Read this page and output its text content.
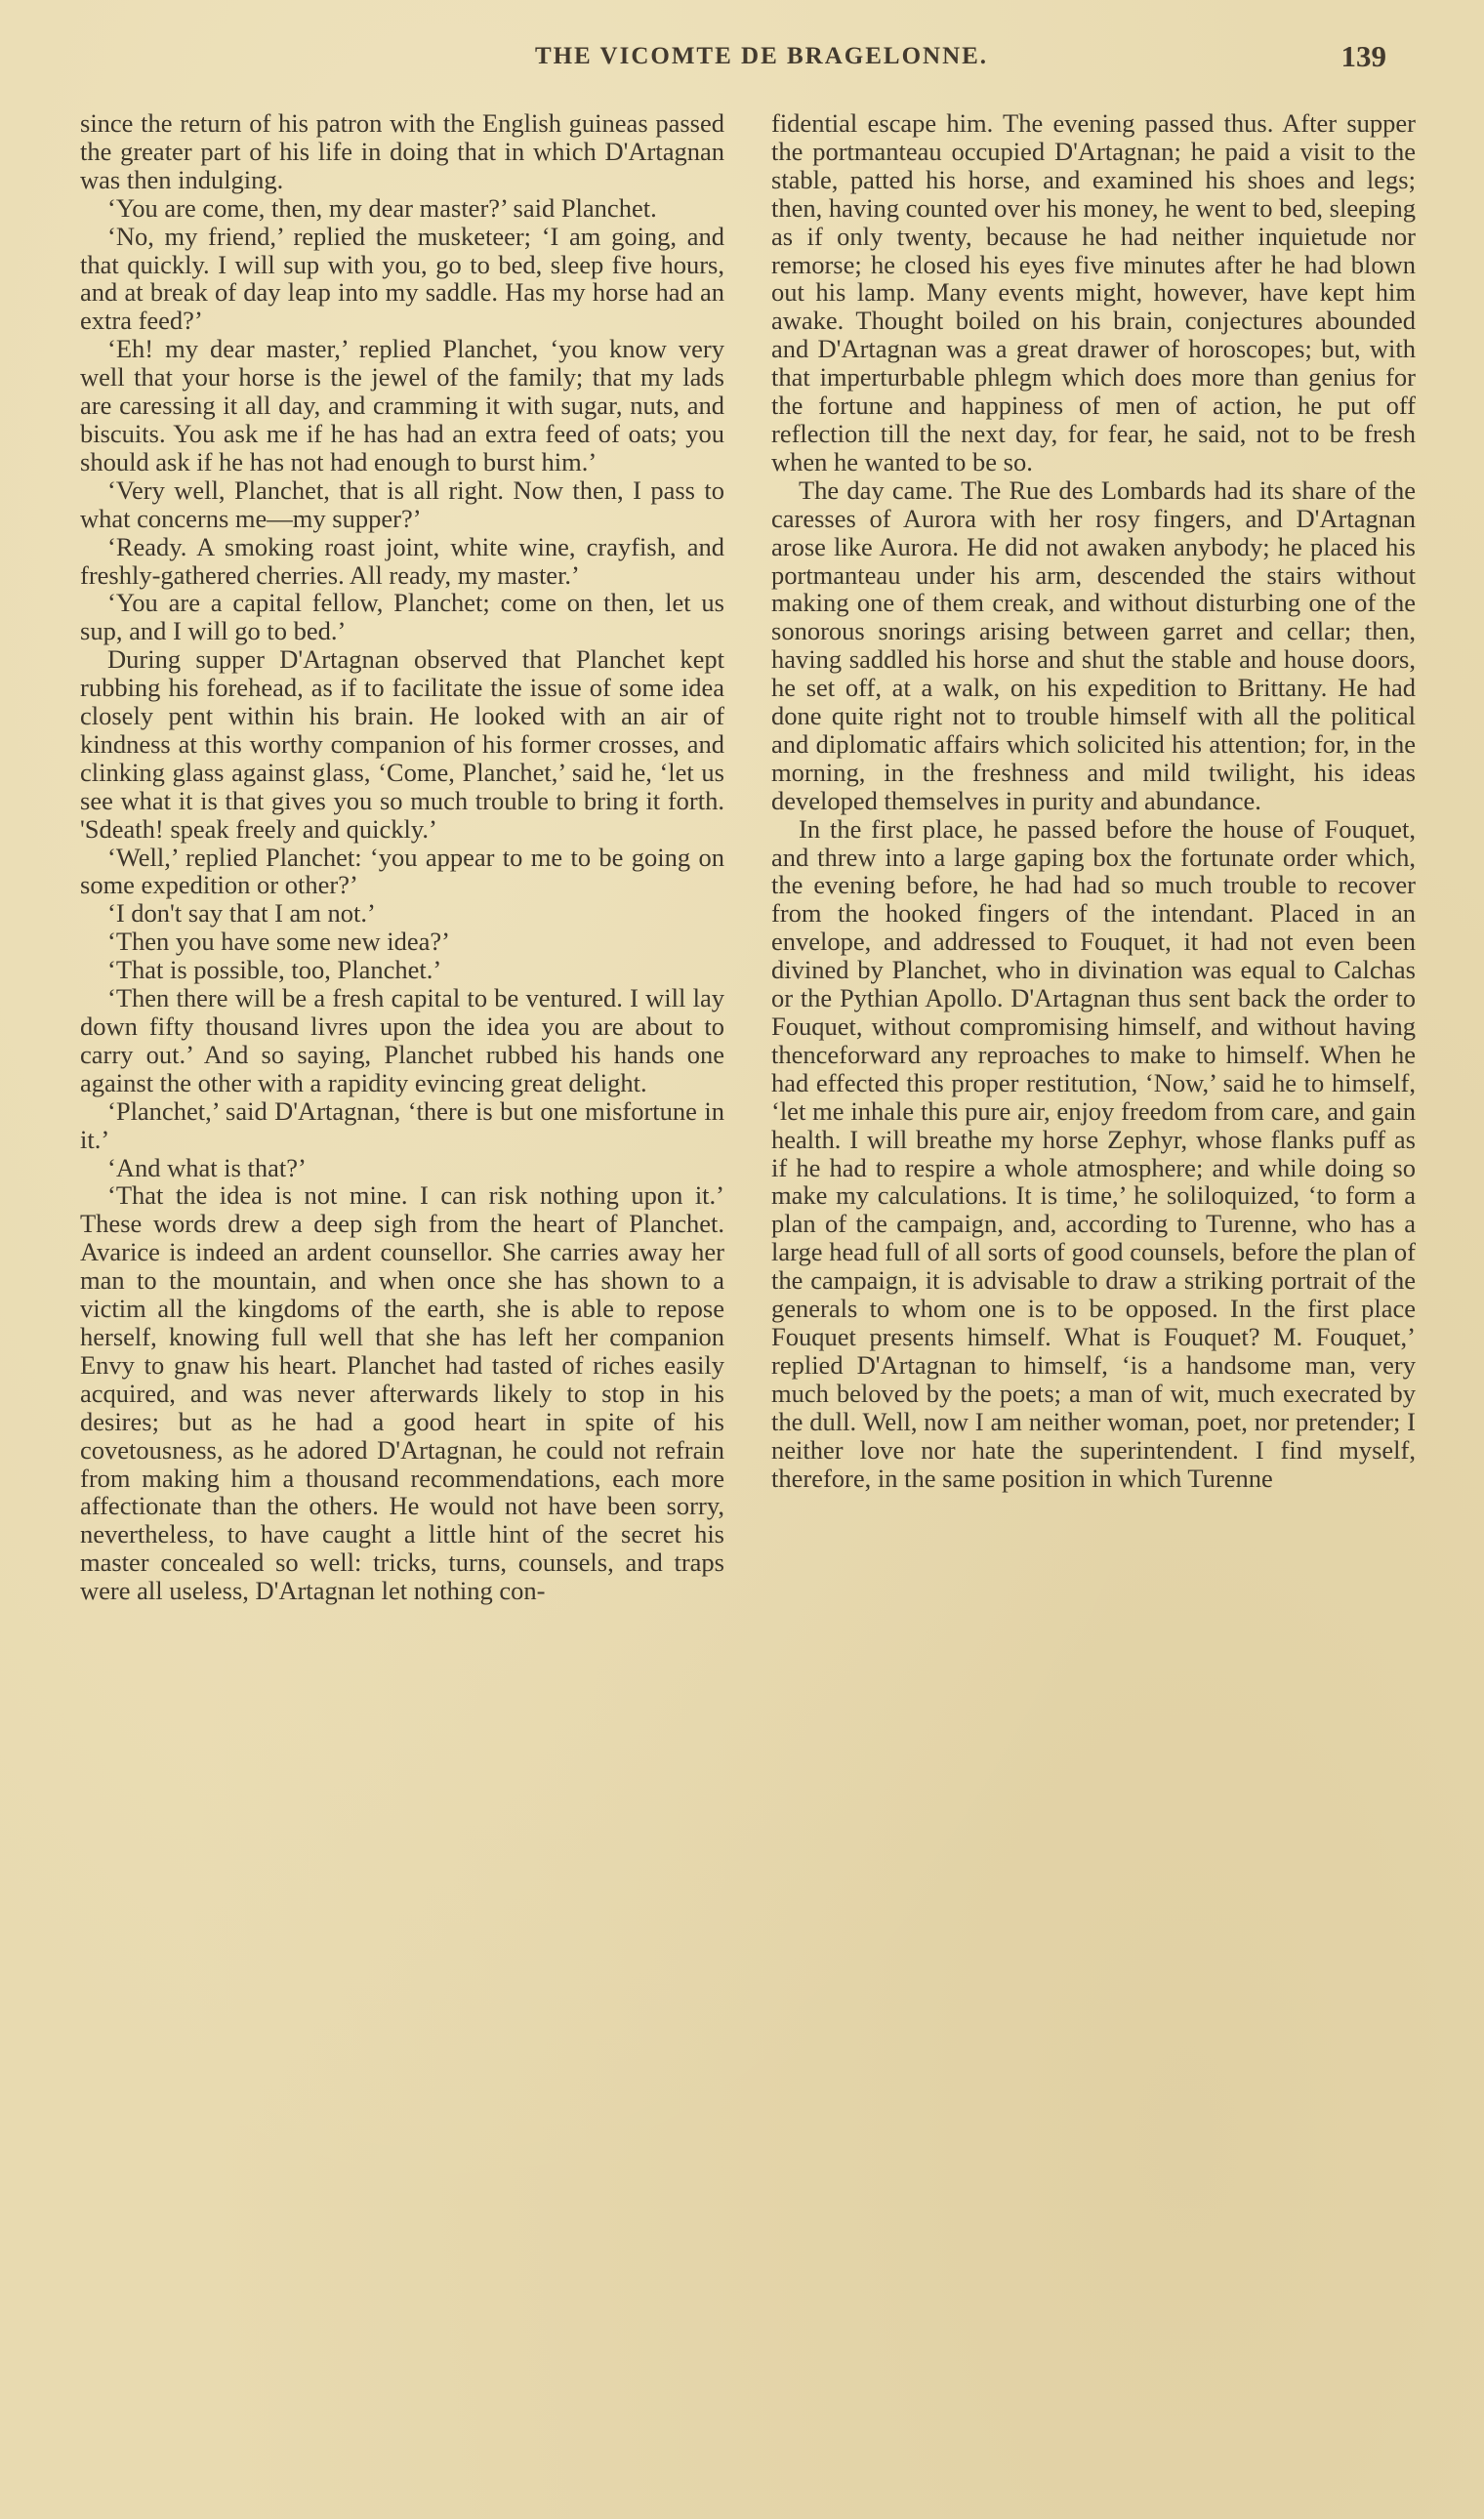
THE VICOMTE DE BRAGELONNE.	139

since the return of his patron with the English guineas passed the greater part of his life in doing that in which D'Artagnan was then indulging.

‘You are come, then, my dear master?’ said Planchet.

‘No, my friend,’ replied the musketeer; ‘I am going, and that quickly. I will sup with you, go to bed, sleep five hours, and at break of day leap into my saddle. Has my horse had an extra feed?’

‘Eh! my dear master,’ replied Planchet, ‘you know very well that your horse is the jewel of the family; that my lads are caressing it all day, and cramming it with sugar, nuts, and biscuits. You ask me if he has had an extra feed of oats; you should ask if he has not had enough to burst him.’

‘Very well, Planchet, that is all right. Now then, I pass to what concerns me—my supper?’

‘Ready. A smoking roast joint, white wine, crayfish, and freshly-gathered cherries. All ready, my master.’

‘You are a capital fellow, Planchet; come on then, let us sup, and I will go to bed.’

During supper D'Artagnan observed that Planchet kept rubbing his forehead, as if to facilitate the issue of some idea closely pent within his brain. He looked with an air of kindness at this worthy companion of his former crosses, and clinking glass against glass, ‘Come, Planchet,’ said he, ‘let us see what it is that gives you so much trouble to bring it forth. 'Sdeath! speak freely and quickly.’

‘Well,’ replied Planchet: ‘you appear to me to be going on some expedition or other?’

‘I don't say that I am not.’

‘Then you have some new idea?’

‘That is possible, too, Planchet.’

‘Then there will be a fresh capital to be ventured. I will lay down fifty thousand livres upon the idea you are about to carry out.’ And so saying, Planchet rubbed his hands one against the other with a rapidity evincing great delight.

‘Planchet,’ said D'Artagnan, ‘there is but one misfortune in it.’

‘And what is that?’

‘That the idea is not mine. I can risk nothing upon it.’ These words drew a deep sigh from the heart of Planchet. Avarice is indeed an ardent counsellor. She carries away her man to the mountain, and when once she has shown to a victim all the kingdoms of the earth, she is able to repose herself, knowing full well that she has left her companion Envy to gnaw his heart. Planchet had tasted of riches easily acquired, and was never afterwards likely to stop in his desires; but as he had a good heart in spite of his covetousness, as he adored D'Artagnan, he could not refrain from making him a thousand recommendations, each more affectionate than the others. He would not have been sorry, nevertheless, to have caught a little hint of the secret his master concealed so well: tricks, turns, counsels, and traps were all useless, D'Artagnan let nothing con-

fidential escape him. The evening passed thus. After supper the portmanteau occupied D'Artagnan; he paid a visit to the stable, patted his horse, and examined his shoes and legs; then, having counted over his money, he went to bed, sleeping as if only twenty, because he had neither inquietude nor remorse; he closed his eyes five minutes after he had blown out his lamp. Many events might, however, have kept him awake. Thought boiled on his brain, conjectures abounded and D'Artagnan was a great drawer of horoscopes; but, with that imperturbable phlegm which does more than genius for the fortune and happiness of men of action, he put off reflection till the next day, for fear, he said, not to be fresh when he wanted to be so.

The day came. The Rue des Lombards had its share of the caresses of Aurora with her rosy fingers, and D'Artagnan arose like Aurora. He did not awaken anybody; he placed his portmanteau under his arm, descended the stairs without making one of them creak, and without disturbing one of the sonorous snorings arising between garret and cellar; then, having saddled his horse and shut the stable and house doors, he set off, at a walk, on his expedition to Brittany. He had done quite right not to trouble himself with all the political and diplomatic affairs which solicited his attention; for, in the morning, in the freshness and mild twilight, his ideas developed themselves in purity and abundance.

In the first place, he passed before the house of Fouquet, and threw into a large gaping box the fortunate order which, the evening before, he had had so much trouble to recover from the hooked fingers of the intendant. Placed in an envelope, and addressed to Fouquet, it had not even been divined by Planchet, who in divination was equal to Calchas or the Pythian Apollo. D'Artagnan thus sent back the order to Fouquet, without compromising himself, and without having thenceforward any reproaches to make to himself. When he had effected this proper restitution, ‘Now,’ said he to himself, ‘let me inhale this pure air, enjoy freedom from care, and gain health. I will breathe my horse Zephyr, whose flanks puff as if he had to respire a whole atmosphere; and while doing so make my calculations. It is time,’ he soliloquized, ‘to form a plan of the campaign, and, according to Turenne, who has a large head full of all sorts of good counsels, before the plan of the campaign, it is advisable to draw a striking portrait of the generals to whom one is to be opposed. In the first place Fouquet presents himself. What is Fouquet? M. Fouquet,’ replied D'Artagnan to himself, ‘is a handsome man, very much beloved by the poets; a man of wit, much execrated by the dull. Well, now I am neither woman, poet, nor pretender; I neither love nor hate the superintendent. I find myself, therefore, in the same position in which Turenne
